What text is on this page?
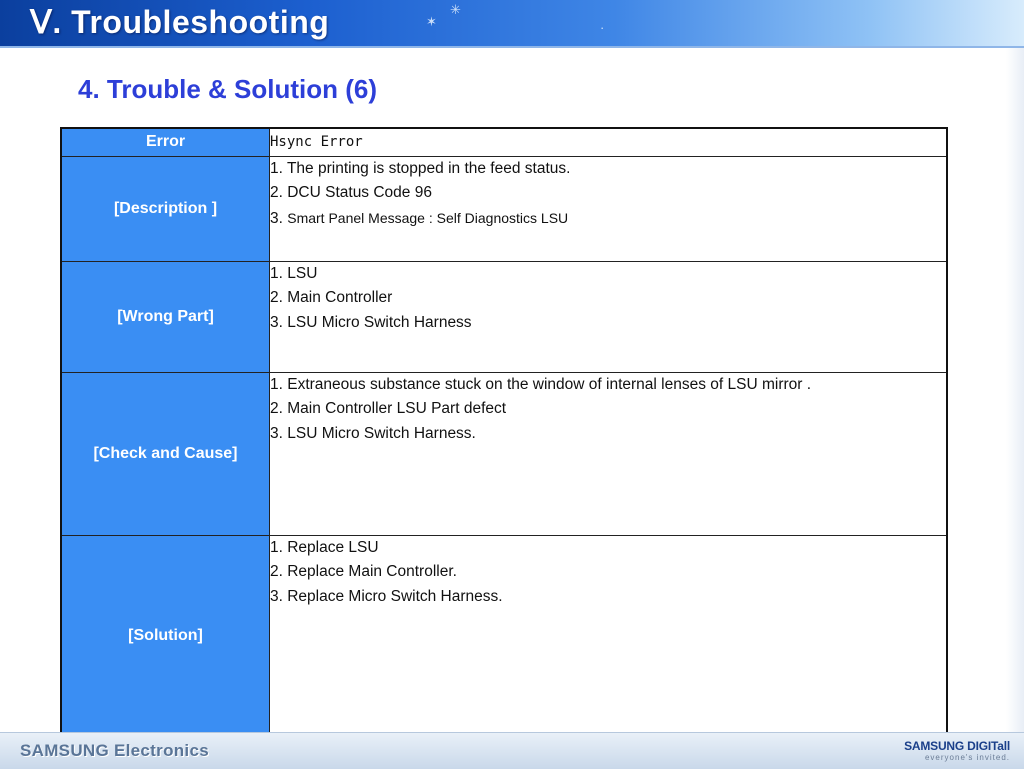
Ⅴ. Troubleshooting	✶
✳
·
4. Trouble & Solution (6)
Error	Hsync Error
[Description ]	1. The printing is stopped in the feed status.
2. DCU Status Code 96
3. Smart Panel Message : Self Diagnostics LSU

[Wrong Part]	1. LSU
2. Main Controller
3. LSU Micro Switch Harness

[Check and Cause]	1. Extraneous substance stuck on the window of internal lenses of LSU mirror .
2. Main Controller LSU Part defect
3. LSU Micro Switch Harness.

[Solution]	1. Replace LSU
2. Replace Main Controller.
3. Replace Micro Switch Harness.
SAMSUNG Electronics	SAMSUNG DIGITall
everyone's invited.
